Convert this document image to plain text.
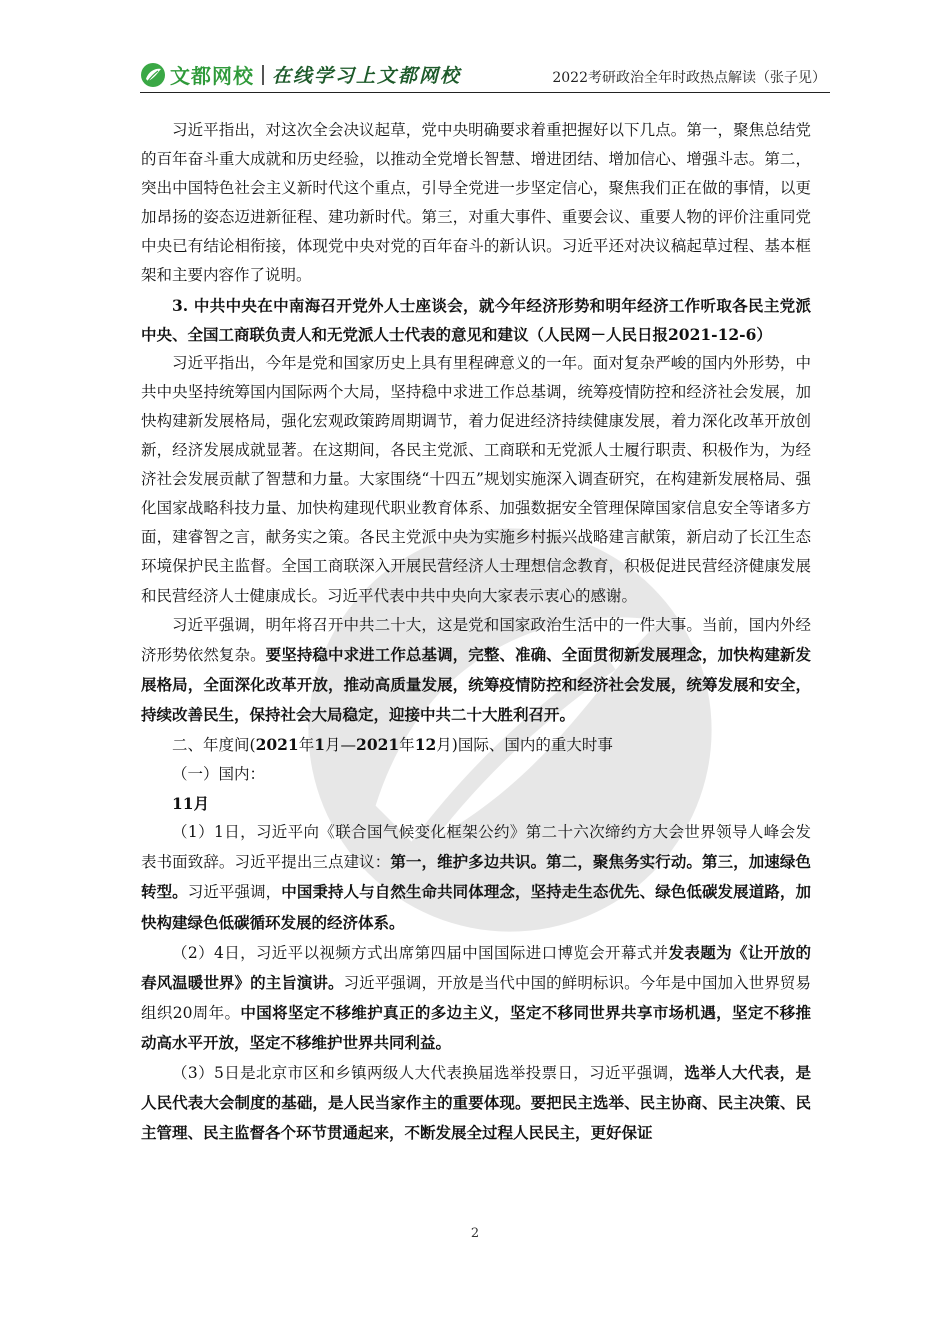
文都网校 在线学习上文都网校	2022考研政治全年时政热点解读（张子见）

习近平指出，对这次全会决议起草，党中央明确要求着重把握好以下几点。第一，聚焦总结党的百年奋斗重大成就和历史经验，以推动全党增长智慧、增进团结、增加信心、增强斗志。第二，突出中国特色社会主义新时代这个重点，引导全党进一步坚定信心，聚焦我们正在做的事情，以更加昂扬的姿态迈进新征程、建功新时代。第三，对重大事件、重要会议、重要人物的评价注重同党中央已有结论相衔接，体现党中央对党的百年奋斗的新认识。习近平还对决议稿起草过程、基本框架和主要内容作了说明。

3. 中共中央在中南海召开党外人士座谈会，就今年经济形势和明年经济工作听取各民主党派中央、全国工商联负责人和无党派人士代表的意见和建议（人民网－人民日报2021-12-6）

习近平指出，今年是党和国家历史上具有里程碑意义的一年。面对复杂严峻的国内外形势，中共中央坚持统筹国内国际两个大局，坚持稳中求进工作总基调，统筹疫情防控和经济社会发展，加快构建新发展格局，强化宏观政策跨周期调节，着力促进经济持续健康发展，着力深化改革开放创新，经济发展成就显著。在这期间，各民主党派、工商联和无党派人士履行职责、积极作为，为经济社会发展贡献了智慧和力量。大家围绕“十四五”规划实施深入调查研究，在构建新发展格局、强化国家战略科技力量、加快构建现代职业教育体系、加强数据安全管理保障国家信息安全等诸多方面，建睿智之言，献务实之策。各民主党派中央为实施乡村振兴战略建言献策，新启动了长江生态环境保护民主监督。全国工商联深入开展民营经济人士理想信念教育，积极促进民营经济健康发展和民营经济人士健康成长。习近平代表中共中央向大家表示衷心的感谢。

习近平强调，明年将召开中共二十大，这是党和国家政治生活中的一件大事。当前，国内外经济形势依然复杂。要坚持稳中求进工作总基调，完整、准确、全面贯彻新发展理念，加快构建新发展格局，全面深化改革开放，推动高质量发展，统筹疫情防控和经济社会发展，统筹发展和安全，持续改善民生，保持社会大局稳定，迎接中共二十大胜利召开。

二、年度间(2021年1月—2021年12月)国际、国内的重大时事

（一）国内：

11月

（1）1日，习近平向《联合国气候变化框架公约》第二十六次缔约方大会世界领导人峰会发表书面致辞。习近平提出三点建议：第一，维护多边共识。第二，聚焦务实行动。第三，加速绿色转型。习近平强调，中国秉持人与自然生命共同体理念，坚持走生态优先、绿色低碳发展道路，加快构建绿色低碳循环发展的经济体系。

（2）4日，习近平以视频方式出席第四届中国国际进口博览会开幕式并发表题为《让开放的春风温暖世界》的主旨演讲。习近平强调，开放是当代中国的鲜明标识。今年是中国加入世界贸易组织20周年。中国将坚定不移维护真正的多边主义，坚定不移同世界共享市场机遇，坚定不移推动高水平开放，坚定不移维护世界共同利益。

（3）5日是北京市区和乡镇两级人大代表换届选举投票日，习近平强调，选举人大代表，是人民代表大会制度的基础，是人民当家作主的重要体现。要把民主选举、民主协商、民主决策、民主管理、民主监督各个环节贯通起来，不断发展全过程人民民主，更好保证

2
